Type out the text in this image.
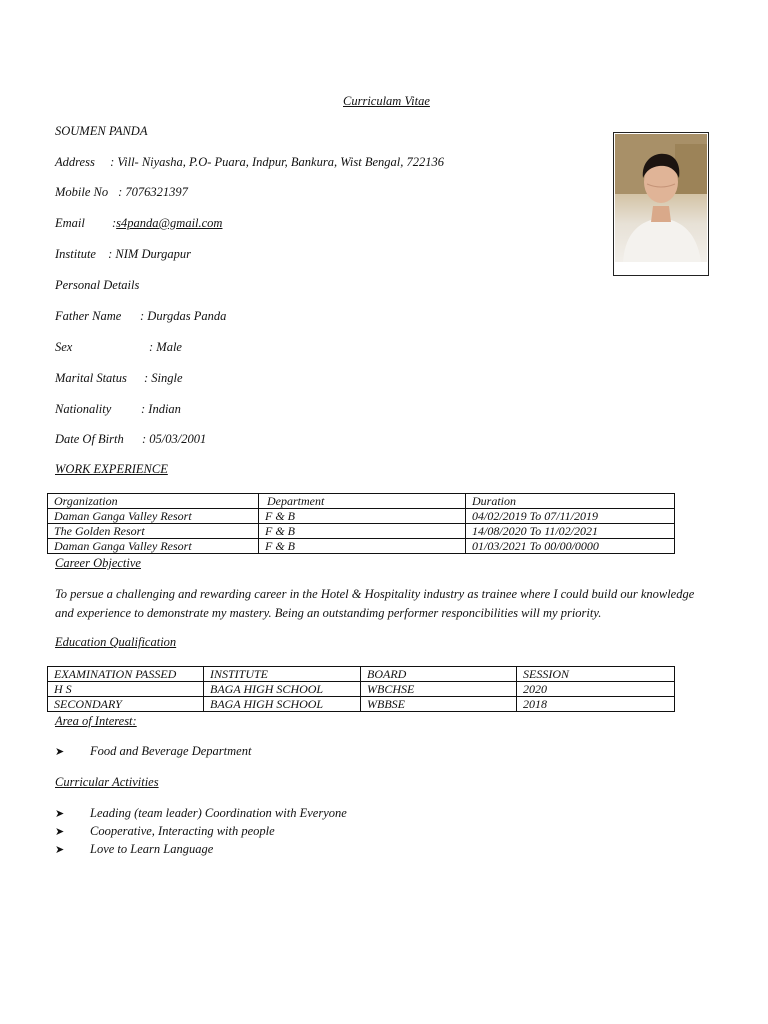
Curriculam Vitae
SOUMEN PANDA
Address : Vill- Niyasha, P.O- Puara, Indpur, Bankura, Wist Bengal, 722136
Mobile No : 7076321397
Email :s4panda@gmail.com
Institute : NIM Durgapur
Personal Details
Father Name : Durgdas Panda
Sex	: Male
Marital Status : Single
Nationality : Indian
Date Of Birth : 05/03/2001
WORK EXPERIENCE
Organization	Department	Duration
Daman Ganga Valley Resort	F & B	04/02/2019 To 07/11/2019
The Golden Resort	F & B	14/08/2020 To 11/02/2021
Daman Ganga Valley Resort	F & B	01/03/2021 To 00/00/0000
Career Objective
To persue a challenging and rewarding career in the Hotel & Hospitality industry as trainee where I could build our knowledge
and experience to demonstrate my mastery. Being an outstandimg performer responcibilities will my priority.
Education Qualification
EXAMINATION PASSED	INSTITUTE	BOARD	SESSION
H S	BAGA HIGH SCHOOL	WBCHSE	2020
SECONDARY	BAGA HIGH SCHOOL	WBBSE	2018
Area of Interest:
➤ Food and Beverage Department
Curricular Activities
➤ Leading (team leader) Coordination with Everyone
➤ Cooperative, Interacting with people
➤ Love to Learn Language
